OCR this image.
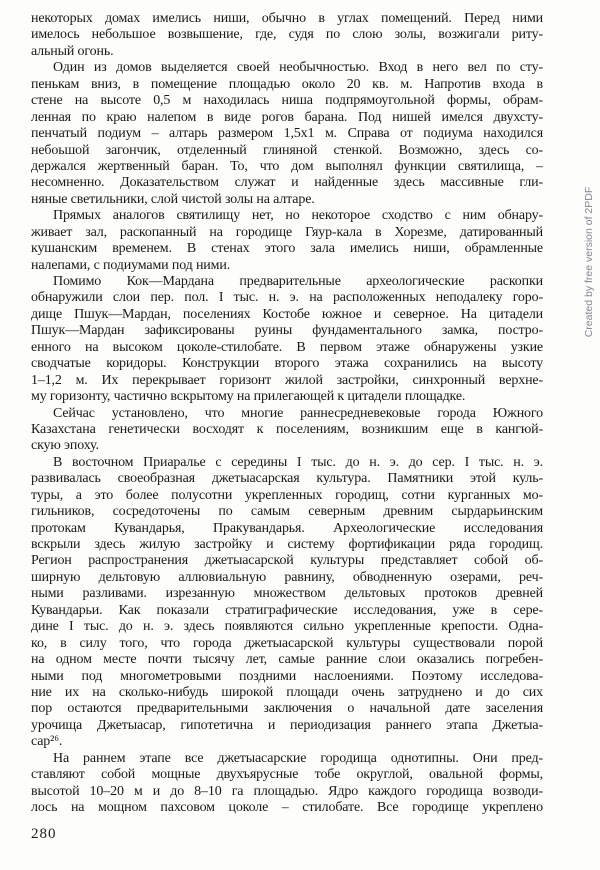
некоторых домах имелись ниши, обычно в углах помещений. Перед ними
имелось небольшое возвышение, где, судя по слою золы, возжигали риту-
альный огонь.
Один из домов выделяется своей необычностью. Вход в него вел по сту-
пенькам вниз, в помещение площадью около 20 кв. м. Напротив входа в
стене на высоте 0,5 м находилась ниша подпрямоугольной формы, обрам-
ленная по краю налепом в виде рогов барана. Под нишей имелся двухсту-
пенчатый подиум – алтарь размером 1,5х1 м. Справа от подиума находился
небоьшой загончик, отделенный глиняной стенкой. Возможно, здесь со-
держался жертвенный баран. То, что дом выполнял функции святилища, –
несомненно. Доказательством служат и найденные здесь массивные гли-
няные светильники, слой чистой золы на алтаре.
Прямых аналогов святилищу нет, но некоторое сходство с ним обнару-
живает зал, раскопанный на городище Гяур-кала в Хорезме, датированный
кушанским временем. В стенах этого зала имелись ниши, обрамленные
налепами, с подиумами под ними.
Помимо Кок—Мардана предварительные археологические раскопки
обнаружили слои пер. пол. I тыс. н. э. на расположенных неподалеку горо-
дище Пшук—Мардан, поселениях Костобе южное и северное. На цитадели
Пшук—Мардан зафиксированы руины фундаментального замка, постро-
енного на высоком цоколе-стилобате. В первом этаже обнаружены узкие
сводчатые коридоры. Конструкции второго этажа сохранились на высоту
1–1,2 м. Их перекрывает горизонт жилой застройки, синхронный верхне-
му горизонту, частично вскрытому на прилегающей к цитадели площадке.
Сейчас установлено, что многие раннесредневековые города Южного
Казахстана генетически восходят к поселениям, возникшим еще в кангюй-
скую эпоху.
В восточном Приаралье с середины I тыс. до н. э. до сер. I тыс. н. э.
развивалась своеобразная джетыасарская культура. Памятники этой куль-
туры, а это более полусотни укрепленных городищ, сотни курганных мо-
гильников, сосредоточены по самым северным древним сырдарьинским
протокам Кувандарья, Пракувандарья. Археологические исследования
вскрыли здесь жилую застройку и систему фортификации ряда городищ.
Регион распространения джетыасарской культуры представляет собой об-
ширную дельтовую аллювиальную равнину, обводненную озерами, реч-
ными разливами. изрезанную множеством дельтовых протоков древней
Кувандарьи. Как показали стратиграфические исследования, уже в сере-
дине I тыс. до н. э. здесь появляются сильно укрепленные крепости. Одна-
ко, в силу того, что города джетыасарской культуры существовали порой
на одном месте почти тысячу лет, самые ранние слои оказались погребен-
ными под многометровыми поздними наслоениями. Поэтому исследова-
ние их на сколько-нибудь широкой площади очень затруднено и до сих
пор остаются предварительными заключения о начальной дате заселения
урочища Джетыасар, гипотетична и периодизация раннего этапа Джетыа-
сар²⁶.
На раннем этапе все джетыасарские городища однотипны. Они пред-
ставляют собой мощные двухъярусные тобе округлой, овальной формы,
высотой 10–20 м и до 8–10 га площадью. Ядро каждого городища возводи-
лось на мощном пахсовом цоколе – стилобате. Все городище укреплено
280
Created by free version of 2PDF
